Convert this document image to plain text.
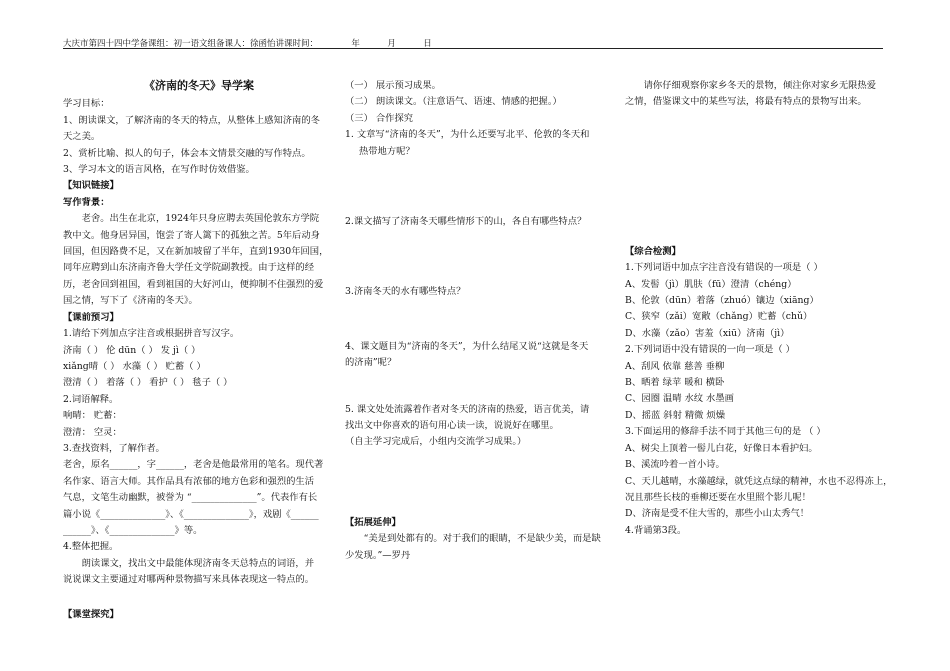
大庆市第四十四中学备课组：初一语文组备课人：徐函怡讲课时间：	年	月	日

《济南的冬天》导学案

学习目标：

1、朗读课文，了解济南的冬天的特点，从整体上感知济南的冬

天之美。

2、赏析比喻、拟人的句子，体会本文情景交融的写作特点。

3、学习本文的语言风格，在写作时仿效借鉴。

【知识链接】

写作背景：

老舍。出生在北京，1924年只身应聘去英国伦敦东方学院

教中文。他身居异国，饱尝了寄人篱下的孤独之苦。5年后动身

回国，但因路费不足，又在新加坡留了半年，直到1930年回国，

同年应聘到山东济南齐鲁大学任文学院副教授。由于这样的经

历，老舍回到祖国，看到祖国的大好河山，便抑制不住强烈的爱

国之情，写下了《济南的冬天》。

【课前预习】

1.请给下列加点字注音或根据拼音写汉字。

济南（ ） 伦 dūn（ ） 发 jì（ ）

xiǎng晴（ ） 水藻（ ） 贮蓄（ ）

澄清（ ） 着落（ ） 看护（ ） 毯子（ ）

2.词语解释。

响晴： 贮蓄：

澄清： 空灵：

3.查找资料，了解作者。

老舍，原名______，字______，老舍是他最常用的笔名。现代著

名作家、语言大师。其作品具有浓郁的地方色彩和强烈的生活

气息，文笔生动幽默，被誉为 “______________”。代表作有长

篇小说《______________》、《______________》，戏剧《______

______》、《______________》等。

4.整体把握。

朗读课文，找出文中最能体现济南冬天总特点的词语，并

说说课文主要通过对哪两种景物描写来具体表现这一特点的。

【课堂探究】

（一） 展示预习成果。

（二） 朗读课文。（注意语气、语速、情感的把握。）

（三） 合作探究

1. 文章写“济南的冬天”，为什么还要写北平、伦敦的冬天和

热带地方呢？

2.课文描写了济南冬天哪些情形下的山，各自有哪些特点？

3.济南冬天的水有哪些特点？

4、课文题目为“济南的冬天”，为什么结尾又说“这就是冬天

的济南”呢？

5. 课文处处流露着作者对冬天的济南的热爱，语言优美，请

找出文中你喜欢的语句用心读一读，说说好在哪里。

（自主学习完成后，小组内交流学习成果。）

【拓展延伸】

“美是到处都有的。对于我们的眼睛，不是缺少美，而是缺

少发现。”—罗丹

请你仔细观察你家乡冬天的景物，倾注你对家乡无限热爱

之情，借鉴课文中的某些写法，将最有特点的景物写出来。

【综合检测】

1.下列词语中加点字注音没有错误的一项是（ ）

A、发髻（jì）肌肤（fū）澄清（chéng）

B、伦敦（dūn）着落（zhuó）镶边（xiāng）

C、狭窄（zǎi）宽敞（chǎng）贮蓄（chǔ）

D、水藻（zǎo）害羞（xiū）济南（jì）

2.下列词语中没有错误的一向一项是（ ）

A、刮风 依靠 慈善 垂柳

B、晒着 绿苹 暖和 横卧

C、园圈 温晴 水纹 水墨画

D、摇蓝 斜射 精微 烦燥

3.下面运用的修辞手法不同于其他三句的是 （ ）

A、树尖上顶着一髻儿白花，好像日本看护妇。

B、溪流吟着一首小诗。

C、天儿越晴，水藻越绿，就凭这点绿的精神，水也不忍得冻上，

况且那些长枝的垂柳还要在水里照个影儿呢！

D、济南是受不住大雪的，那些小山太秀气！

4.背诵第3段。
